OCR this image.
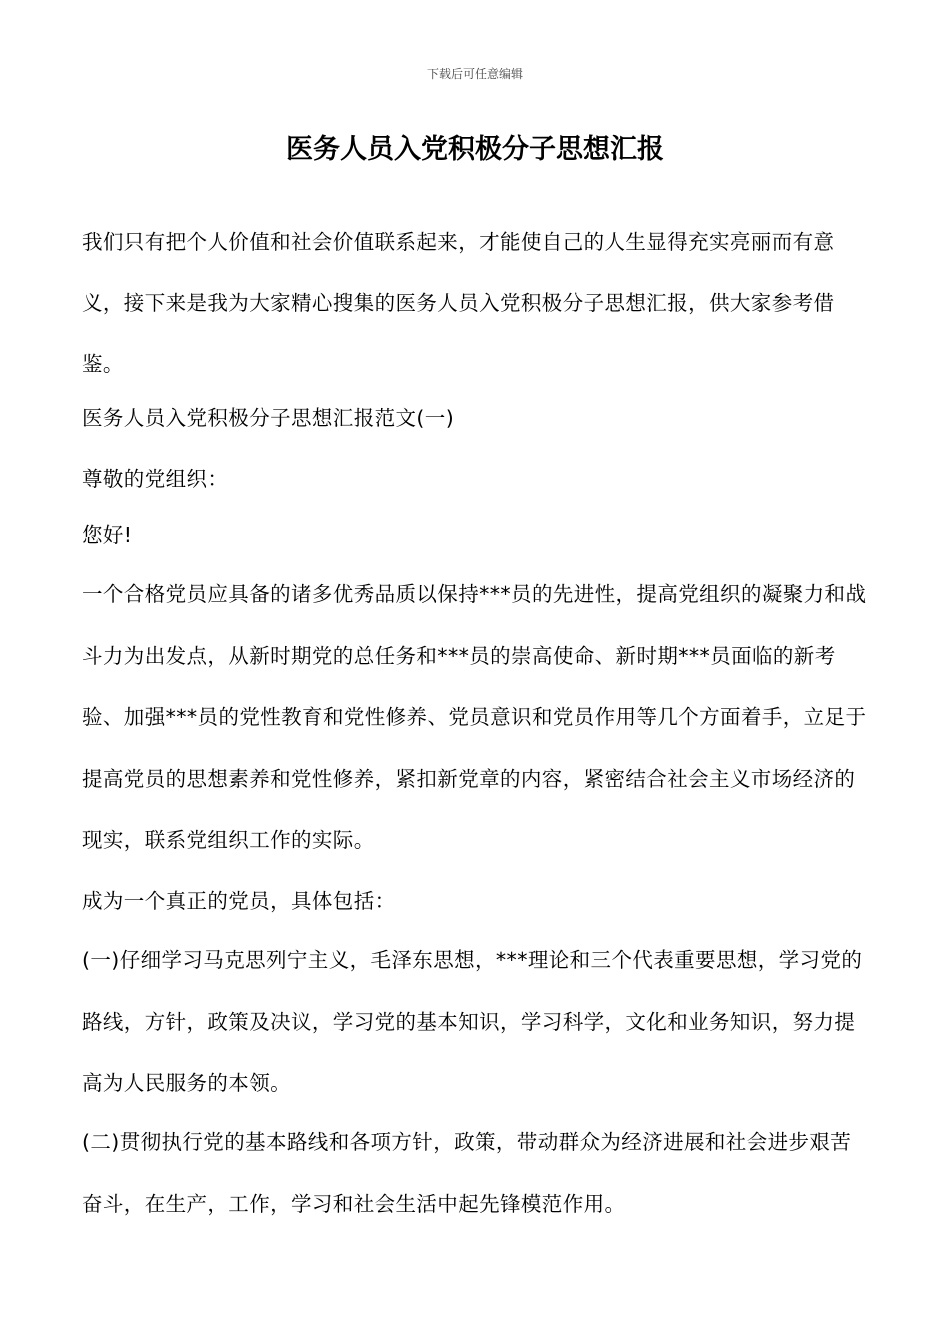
下载后可任意编辑
医务人员入党积极分子思想汇报

我们只有把个人价值和社会价值联系起来，才能使自己的人生显得充实亮丽而有意义，接下来是我为大家精心搜集的医务人员入党积极分子思想汇报，供大家参考借鉴。

医务人员入党积极分子思想汇报范文(一)

尊敬的党组织：

您好!

一个合格党员应具备的诸多优秀品质以保持***员的先进性，提高党组织的凝聚力和战斗力为出发点，从新时期党的总任务和***员的崇高使命、新时期***员面临的新考验、加强***员的党性教育和党性修养、党员意识和党员作用等几个方面着手，立足于提高党员的思想素养和党性修养，紧扣新党章的内容，紧密结合社会主义市场经济的现实，联系党组织工作的实际。

成为一个真正的党员，具体包括：

(一)仔细学习马克思列宁主义，毛泽东思想，***理论和三个代表重要思想，学习党的路线，方针，政策及决议，学习党的基本知识，学习科学，文化和业务知识，努力提高为人民服务的本领。

(二)贯彻执行党的基本路线和各项方针，政策，带动群众为经济进展和社会进步艰苦奋斗，在生产，工作，学习和社会生活中起先锋模范作用。
